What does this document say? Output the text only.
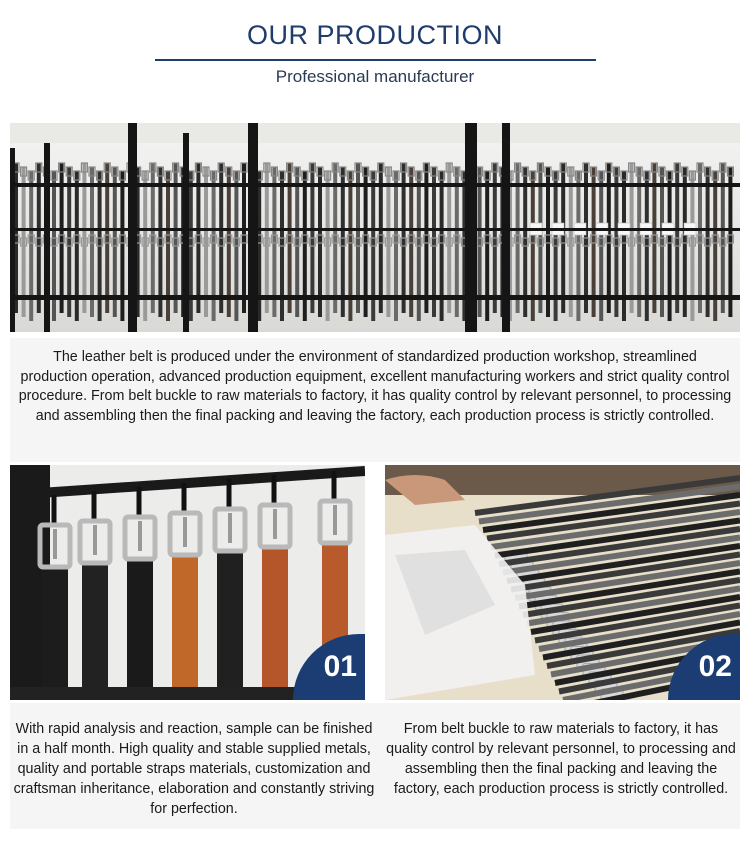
OUR PRODUCTION
Professional manufacturer

The leather belt is produced under the environment of standardized production workshop, streamlined production operation, advanced production equipment, excellent manufacturing workers and strict quality control procedure. From belt buckle to raw materials to factory, it has quality control by relevant personnel, to processing and assembling then the final packing and leaving the factory, each production process is strictly controlled.

01	02
With rapid analysis and reaction, sample can be finished in a half month. High quality and stable supplied metals, quality and portable straps materials, customization and craftsman inheritance, elaboration and constantly striving for perfection.
From belt buckle to raw materials to factory, it has quality control by relevant personnel, to processing and assembling then the final packing and leaving the factory, each production process is strictly controlled.
